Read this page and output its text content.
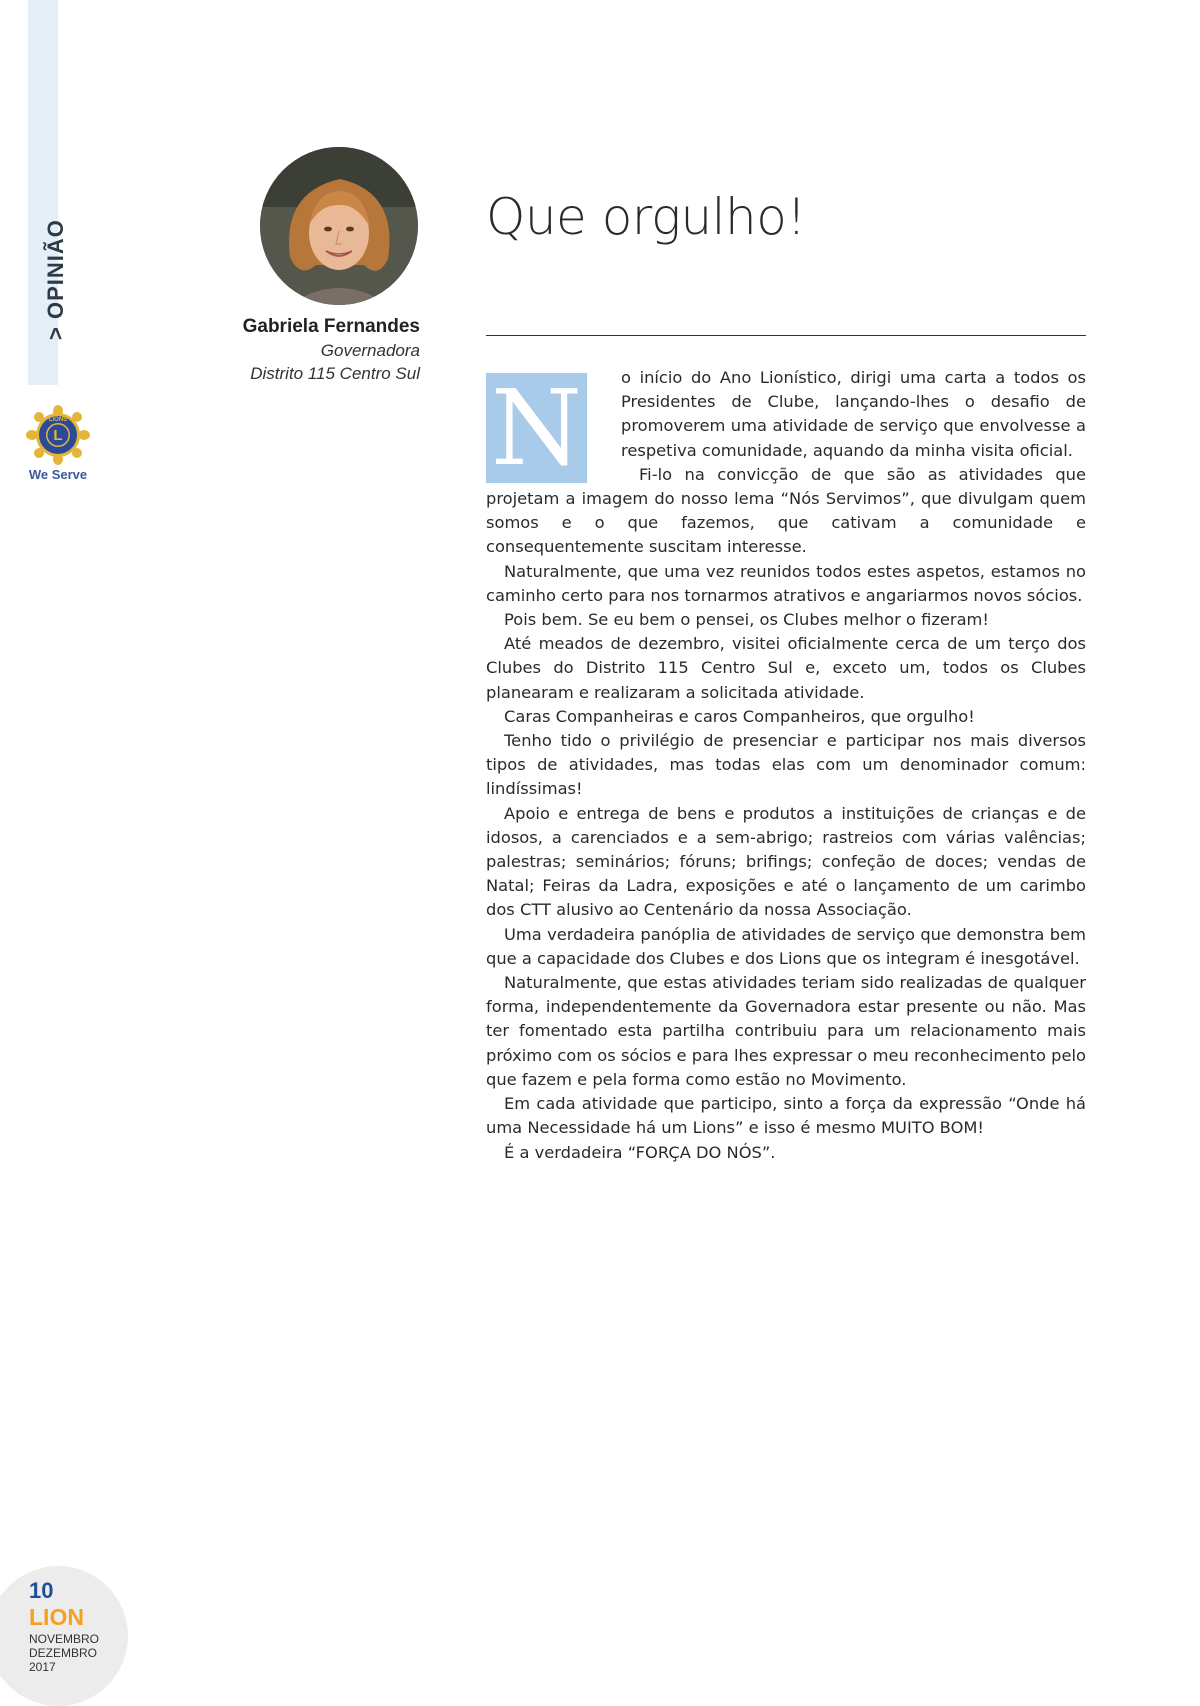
> OPINIÃO
L
LIONS
We Serve
Gabriela Fernandes
Governadora
Distrito 115 Centro Sul
Que orgulho!

N	o início do Ano Lionístico, dirigi uma carta a todos os Presidentes de Clube, lançando-lhes o desafio de promoverem uma atividade de serviço que envolvesse a respetiva comunidade, aquando da minha visita oficial.

Fi-lo na convicção de que são as atividades que projetam a imagem do nosso lema “Nós Servimos”, que divulgam quem somos e o que fazemos, que cativam a comunidade e consequentemente suscitam interesse.

Naturalmente, que uma vez reunidos todos estes aspetos, estamos no caminho certo para nos tornarmos atrativos e angariarmos novos sócios.

Pois bem. Se eu bem o pensei, os Clubes melhor o fizeram!

Até meados de dezembro, visitei oficialmente cerca de um terço dos Clubes do Distrito 115 Centro Sul e, exceto um, todos os Clubes planearam e realizaram a solicitada atividade.

Caras Companheiras e caros Companheiros, que orgulho!

Tenho tido o privilégio de presenciar e participar nos mais diversos tipos de atividades, mas todas elas com um denominador comum: lindíssimas!

Apoio e entrega de bens e produtos a instituições de crianças e de idosos, a carenciados e a sem-abrigo; rastreios com várias valências; palestras; seminários; fóruns; brifings; confeção de doces; vendas de Natal; Feiras da Ladra, exposições e até o lançamento de um carimbo dos CTT alusivo ao Centenário da nossa Associação.

Uma verdadeira panóplia de atividades de serviço que demonstra bem que a capacidade dos Clubes e dos Lions que os integram é inesgotável.

Naturalmente, que estas atividades teriam sido realizadas de qualquer forma, independentemente da Governadora estar presente ou não. Mas ter fomentado esta partilha contribuiu para um relacionamento mais próximo com os sócios e para lhes expressar o meu reconhecimento pelo que fazem e pela forma como estão no Movimento.

Em cada atividade que participo, sinto a força da expressão “Onde há uma Necessidade há um Lions” e isso é mesmo MUITO BOM!

É a verdadeira “FORÇA DO NÓS”.

10
LION
NOVEMBRO
DEZEMBRO
2017
